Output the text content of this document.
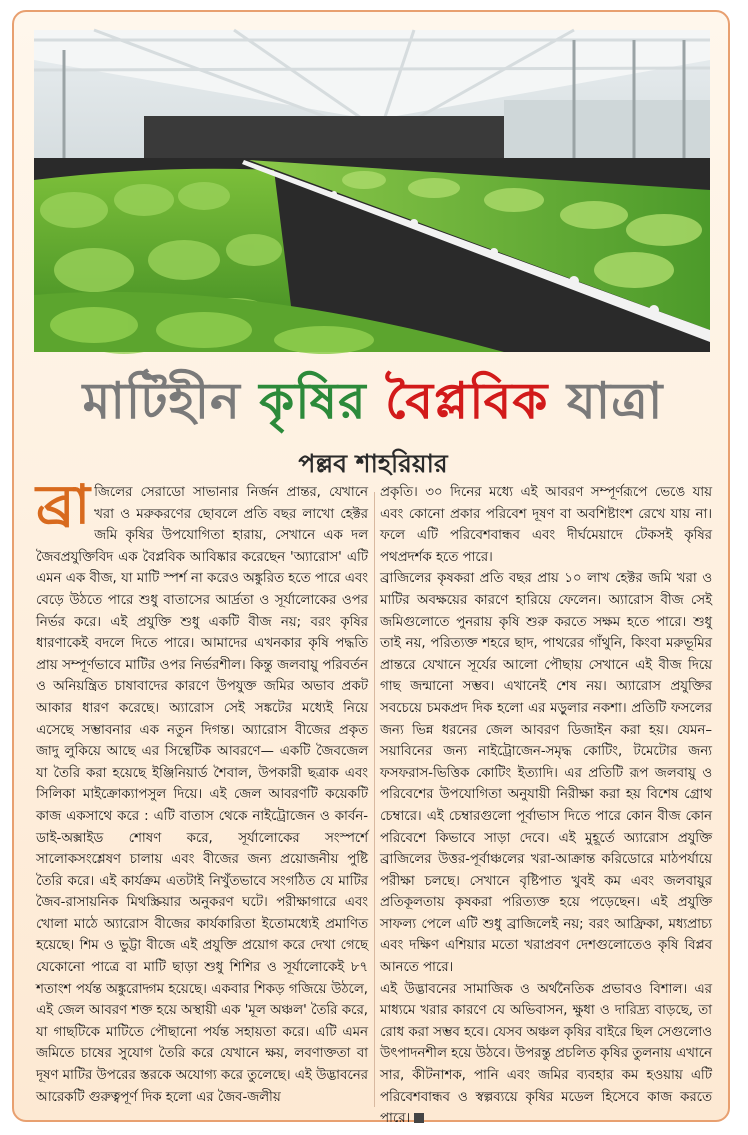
মাটিহীন কৃষির বৈপ্লবিক যাত্রা
পল্লব শাহরিয়ার

ব্রা জিলের সেরাডো সাভানার নির্জন প্রান্তর, যেখানে খরা ও মরুকরণের ছোবলে প্রতি বছর লাখো হেক্টর জমি কৃষির উপযোগিতা হারায়, সেখানে এক দল জৈবপ্রযুক্তিবিদ এক বৈপ্লবিক আবিষ্কার করেছেন 'অ্যারোস' এটি এমন এক বীজ, যা মাটি স্পর্শ না করেও অঙ্কুরিত হতে পারে এবং বেড়ে উঠতে পারে শুধু বাতাসের আর্দ্রতা ও সূর্যালোকের ওপর নির্ভর করে। এই প্রযুক্তি শুধু একটি বীজ নয়; বরং কৃষির ধারণাকেই বদলে দিতে পারে। আমাদের এখনকার কৃষি পদ্ধতি প্রায় সম্পূর্ণভাবে মাটির ওপর নির্ভরশীল। কিন্তু জলবায়ু পরিবর্তন ও অনিয়ন্ত্রিত চাষাবাদের কারণে উপযুক্ত জমির অভাব প্রকট আকার ধারণ করেছে। অ্যারোস সেই সঙ্কটের মধ্যেই নিয়ে এসেছে সম্ভাবনার এক নতুন দিগন্ত। অ্যারোস বীজের প্রকৃত জাদু লুকিয়ে আছে এর সিন্থেটিক আবরণে— একটি জৈবজেল যা তৈরি করা হয়েছে ইঞ্জিনিয়ার্ড শৈবাল, উপকারী ছত্রাক এবং সিলিকা মাইক্রোক্যাপসুল দিয়ে। এই জেল আবরণটি কয়েকটি কাজ একসাথে করে : এটি বাতাস থেকে নাইট্রোজেন ও কার্বন-ডাই-অক্সাইড শোষণ করে, সূর্যালোকের সংস্পর্শে সালোকসংশ্লেষণ চালায় এবং বীজের জন্য প্রয়োজনীয় পুষ্টি তৈরি করে। এই কার্যক্রম এতটাই নিখুঁতভাবে সংগঠিত যে মাটির জৈব-রাসায়নিক মিথস্ক্রিয়ার অনুকরণ ঘটে। পরীক্ষাগারে এবং খোলা মাঠে অ্যারোস বীজের কার্যকারিতা ইতোমধ্যেই প্রমাণিত হয়েছে। শিম ও ভুট্টা বীজে এই প্রযুক্তি প্রয়োগ করে দেখা গেছে যেকোনো পাত্রে বা মাটি ছাড়া শুধু শিশির ও সূর্যালোকেই ৮৭ শতাংশ পর্যন্ত অঙ্কুরোদ্গম হয়েছে। একবার শিকড় গজিয়ে উঠলে, এই জেল আবরণ শক্ত হয়ে অস্থায়ী এক 'মূল অঞ্চল' তৈরি করে, যা গাছটিকে মাটিতে পৌছানো পর্যন্ত সহায়তা করে। এটি এমন জমিতে চাষের সুযোগ তৈরি করে যেখানে ক্ষয়, লবণাক্ততা বা দূষণ মাটির উপরের স্তরকে অযোগ্য করে তুলেছে। এই উদ্ভাবনের আরেকটি গুরুত্বপূর্ণ দিক হলো এর জৈব-জলীয়

প্রকৃতি। ৩০ দিনের মধ্যে এই আবরণ সম্পূর্ণরূপে ভেঙে যায় এবং কোনো প্রকার পরিবেশ দূষণ বা অবশিষ্টাংশ রেখে যায় না। ফলে এটি পরিবেশবান্ধব এবং দীর্ঘমেয়াদে টেকসই কৃষির পথপ্রদর্শক হতে পারে।

ব্রাজিলের কৃষকরা প্রতি বছর প্রায় ১০ লাখ হেক্টর জমি খরা ও মাটির অবক্ষয়ের কারণে হারিয়ে ফেলেন। অ্যারোস বীজ সেই জমিগুলোতে পুনরায় কৃষি শুরু করতে সক্ষম হতে পারে। শুধু তাই নয়, পরিত্যক্ত শহরে ছাদ, পাথরের গাঁথুনি, কিংবা মরুভূমির প্রান্তরে যেখানে সূর্যের আলো পৌছায় সেখানে এই বীজ দিয়ে গাছ জন্মানো সম্ভব। এখানেই শেষ নয়। অ্যারোস প্রযুক্তির সবচেয়ে চমকপ্রদ দিক হলো এর মড়ুলার নকশা। প্রতিটি ফসলের জন্য ভিন্ন ধরনের জেল আবরণ ডিজাইন করা হয়। যেমন– সয়াবিনের জন্য নাইট্রোজেন-সমৃদ্ধ কোটিং, টমেটোর জন্য ফসফরাস-ভিত্তিক কোটিং ইত্যাদি। এর প্রতিটি রূপ জলবায়ু ও পরিবেশের উপযোগিতা অনুযায়ী নিরীক্ষা করা হয় বিশেষ গ্রোথ চেম্বারে। এই চেম্বারগুলো পূর্বাভাস দিতে পারে কোন বীজ কোন পরিবেশে কিভাবে সাড়া দেবে। এই মুহূর্তে অ্যারোস প্রযুক্তি ব্রাজিলের উত্তর-পূর্বাঞ্চলের খরা-আক্রান্ত করিডোরে মাঠপর্যায়ে পরীক্ষা চলছে। সেখানে বৃষ্টিপাত খুবই কম এবং জলবায়ুর প্রতিকূলতায় কৃষকরা পরিত্যক্ত হয়ে পড়েছেন। এই প্রযুক্তি সাফল্য পেলে এটি শুধু ব্রাজিলেই নয়; বরং আফ্রিকা, মধ্যপ্রাচ্য এবং দক্ষিণ এশিয়ার মতো খরাপ্রবণ দেশগুলোতেও কৃষি বিপ্লব আনতে পারে।

এই উদ্ভাবনের সামাজিক ও অর্থনৈতিক প্রভাবও বিশাল। এর মাধ্যমে খরার কারণে যে অভিবাসন, ক্ষুধা ও দারিদ্র্য বাড়ছে, তা রোধ করা সম্ভব হবে। যেসব অঞ্চল কৃষির বাইরে ছিল সেগুলোও উৎপাদনশীল হয়ে উঠবে। উপরন্তু প্রচলিত কৃষির তুলনায় এখানে সার, কীটনাশক, পানি এবং জমির ব্যবহার কম হওয়ায় এটি পরিবেশবান্ধব ও স্বল্পব্যয়ে কৃষির মডেল হিসেবে কাজ করতে পারে।
